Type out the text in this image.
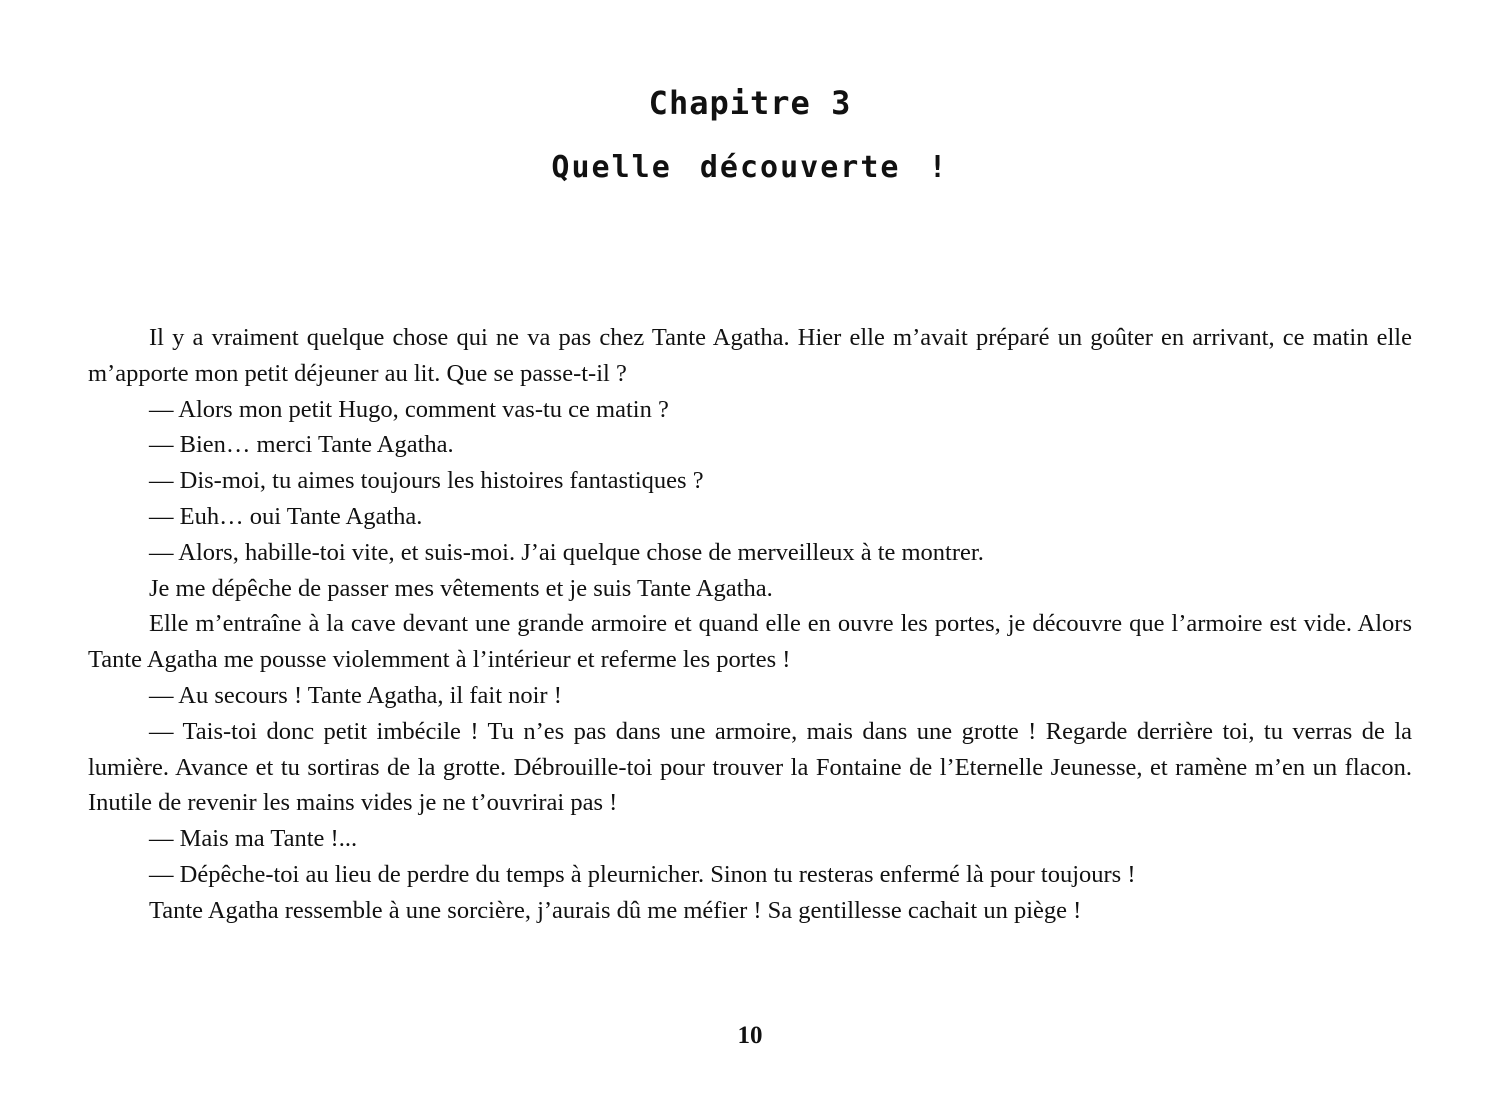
Chapitre 3
Quelle découverte !

Il y a vraiment quelque chose qui ne va pas chez Tante Agatha. Hier elle m’avait préparé un goûter en arrivant, ce matin elle m’apporte mon petit déjeuner au lit. Que se passe-t-il ?

— Alors mon petit Hugo, comment vas-tu ce matin ?

— Bien… merci Tante Agatha.

— Dis-moi, tu aimes toujours les histoires fantastiques ?

— Euh… oui Tante Agatha.

— Alors, habille-toi vite, et suis-moi. J’ai quelque chose de merveilleux à te montrer.

Je me dépêche de passer mes vêtements et je suis Tante Agatha.

Elle m’entraîne à la cave devant une grande armoire et quand elle en ouvre les portes, je découvre que l’armoire est vide. Alors Tante Agatha me pousse violemment à l’intérieur et referme les portes !

— Au secours ! Tante Agatha, il fait noir !

— Tais-toi donc petit imbécile ! Tu n’es pas dans une armoire, mais dans une grotte ! Regarde derrière toi, tu verras de la lumière. Avance et tu sortiras de la grotte. Débrouille-toi pour trouver la Fontaine de l’Eternelle Jeunesse, et ramène m’en un flacon. Inutile de revenir les mains vides je ne t’ouvrirai pas !

— Mais ma Tante !...

— Dépêche-toi au lieu de perdre du temps à pleurnicher. Sinon tu resteras enfermé là pour toujours !

Tante Agatha ressemble à une sorcière, j’aurais dû me méfier ! Sa gentillesse cachait un piège !

10
